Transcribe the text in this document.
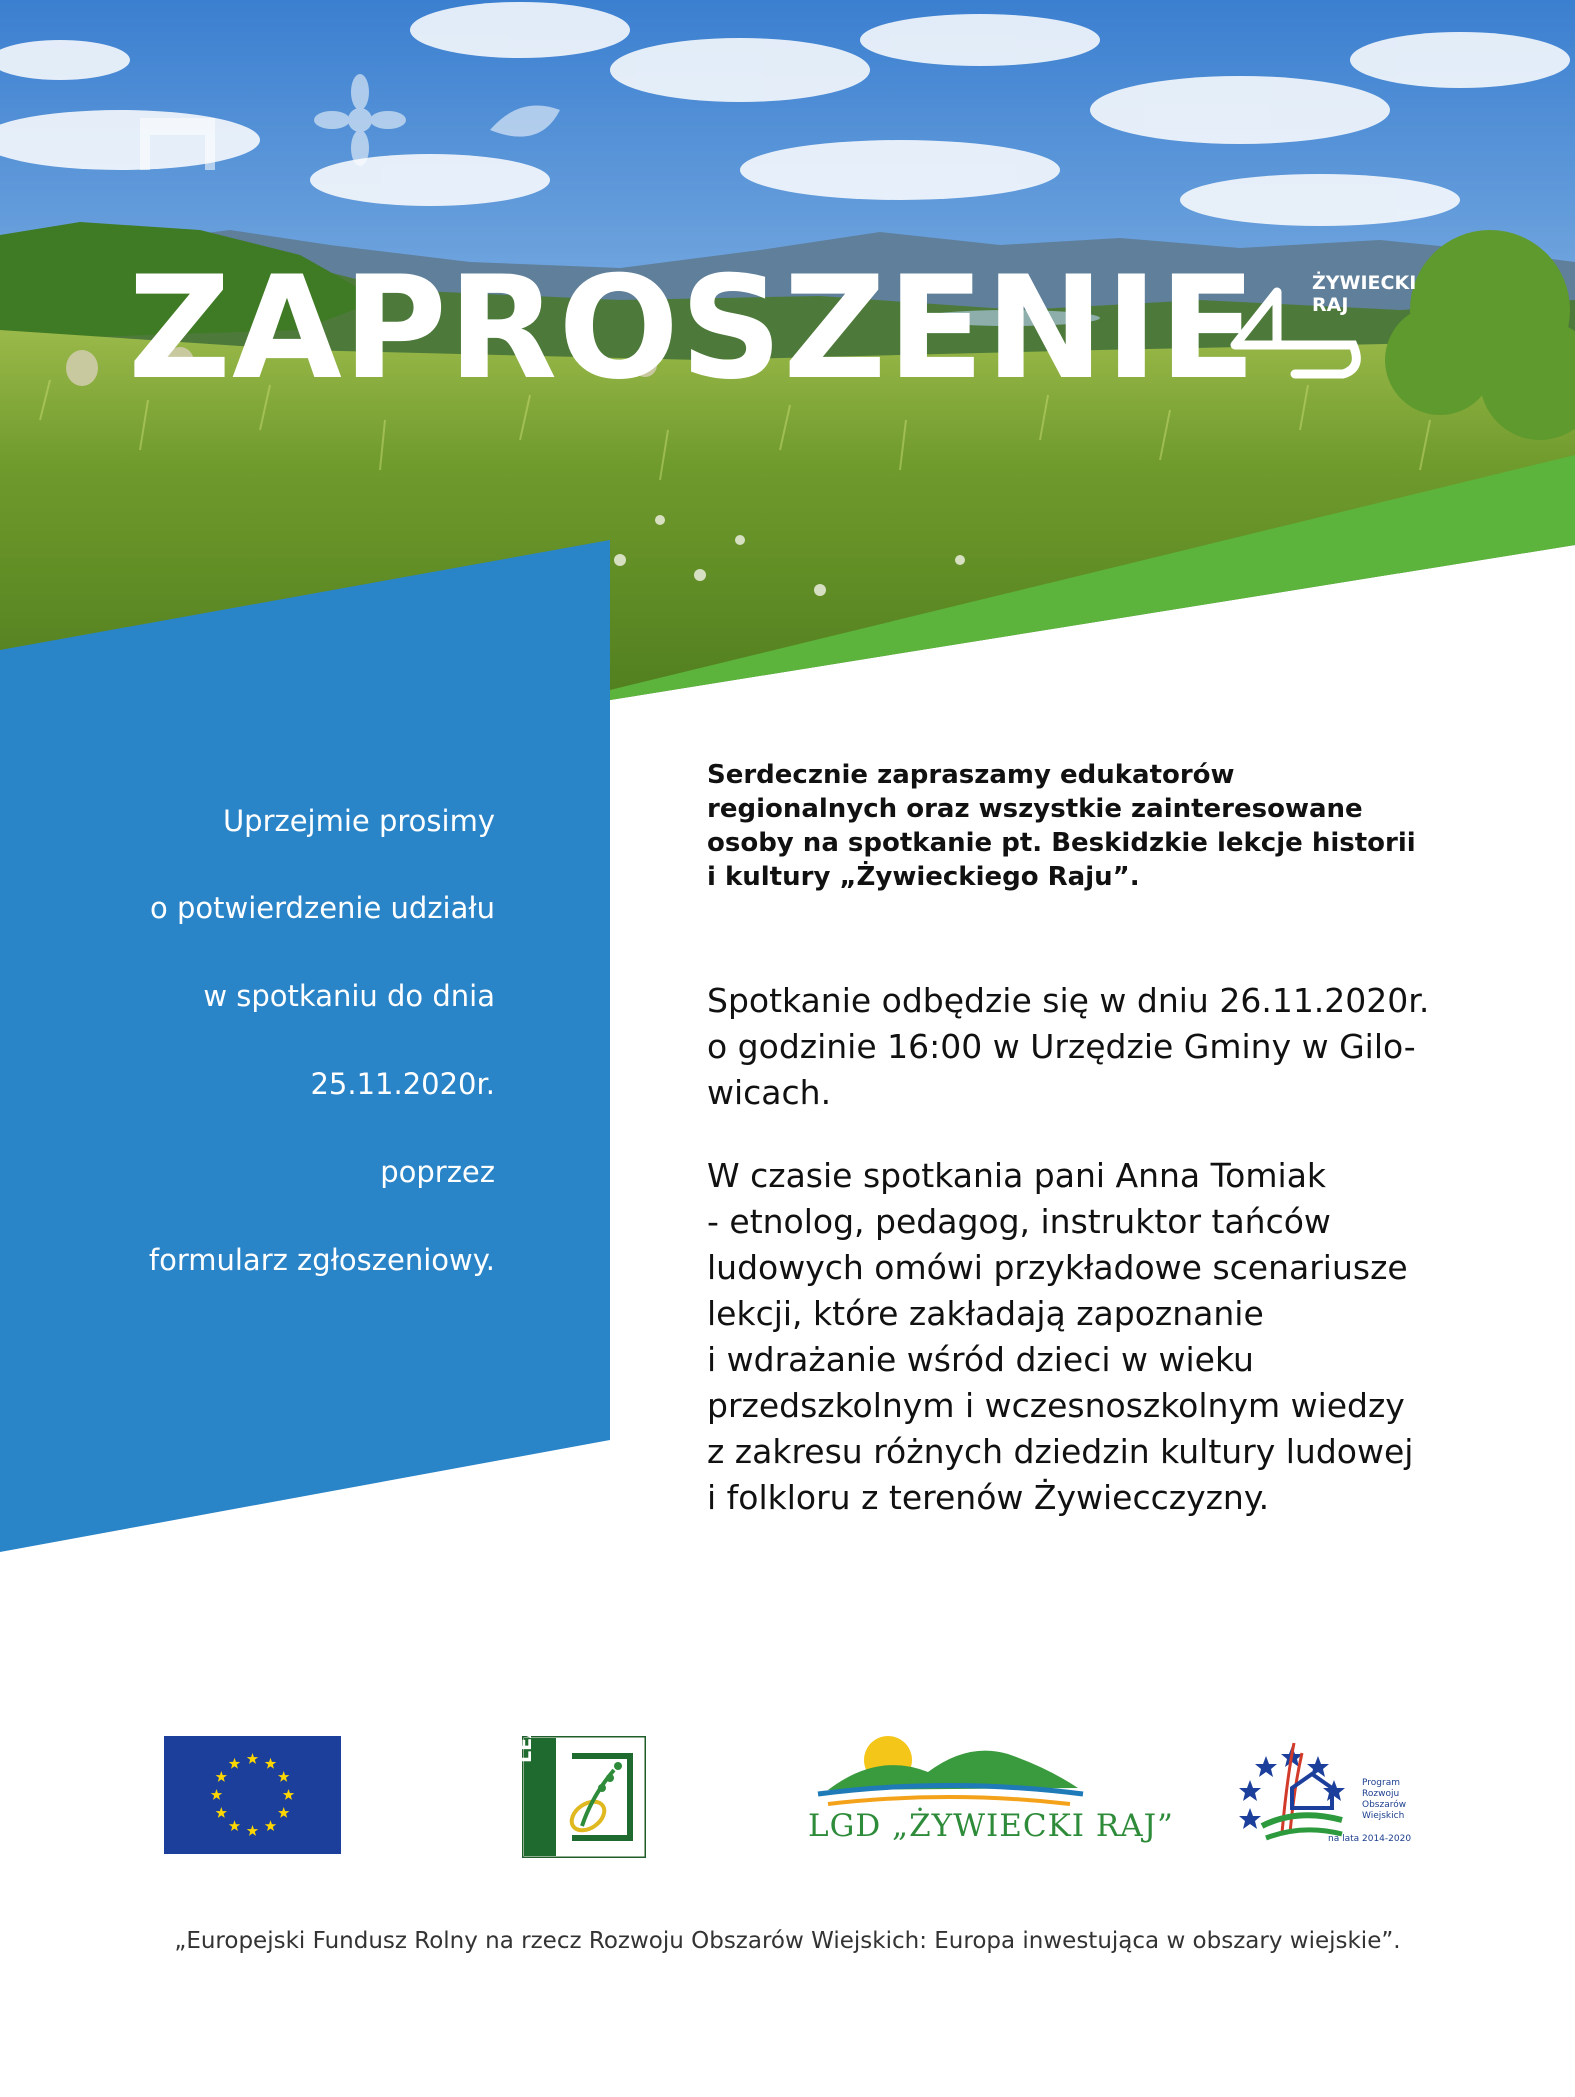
ZAPROSZENIE	ŻYWIECKI
RAJ
Uprzejmie prosimy
o potwierdzenie udziału
w spotkaniu do dnia
25.11.2020r.
poprzez
formularz zgłoszeniowy.
Serdecznie zapraszamy edukatorów
regionalnych oraz wszystkie zainteresowane
osoby na spotkanie pt. Beskidzkie lekcje historii
i kultury „Żywieckiego Raju”.
Spotkanie odbędzie się w dniu 26.11.2020r.
o godzinie 16:00 w Urzędzie Gminy w Gilo-
wicach.
W czasie spotkania pani Anna Tomiak
- etnolog, pedagog, instruktor tańców
ludowych omówi przykładowe scenariusze
lekcji, które zakładają zapoznanie
i wdrażanie wśród dzieci w wieku
przedszkolnym i wczesnoszkolnym wiedzy
z zakresu różnych dziedzin kultury ludowej
i folkloru z terenów Żywiecczyzny.
LEADER
LGD „ŻYWIECKI RAJ”
Program
Rozwoju
Obszarów
Wiejskich
na lata 2014-2020
„Europejski Fundusz Rolny na rzecz Rozwoju Obszarów Wiejskich: Europa inwestująca w obszary wiejskie”.
